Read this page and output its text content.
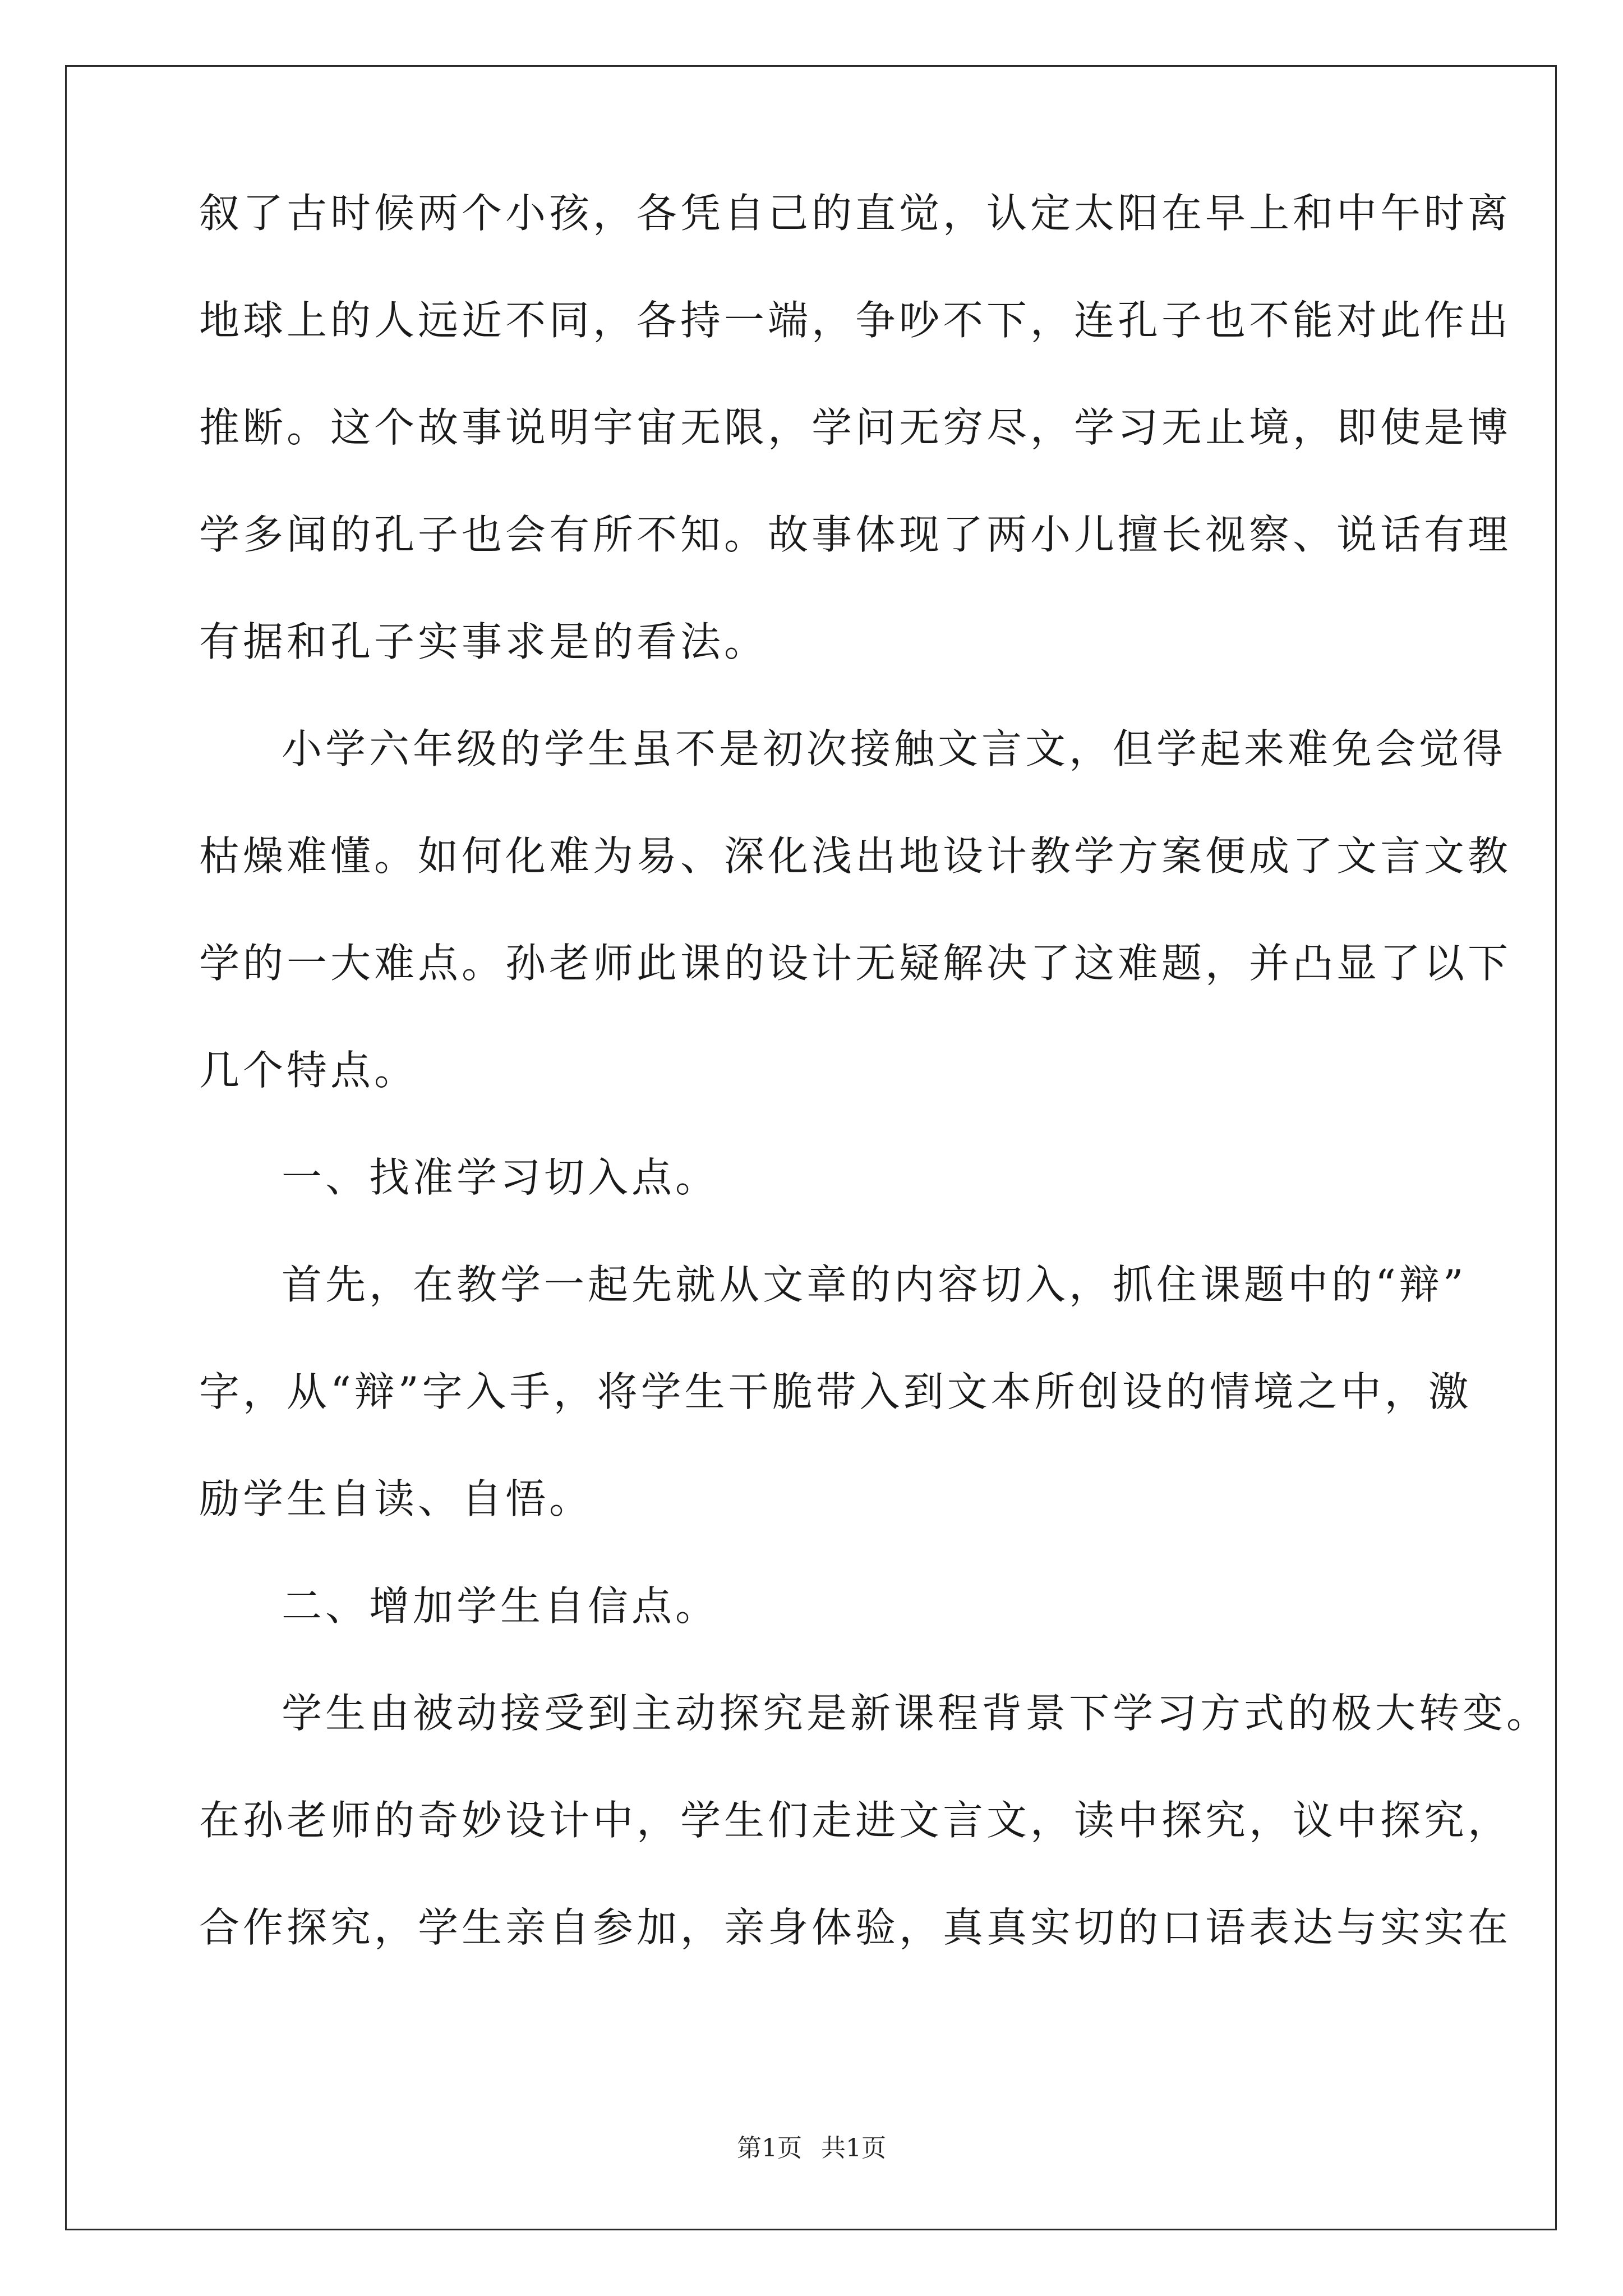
叙了古时候两个小孩，各凭自己的直觉，认定太阳在早上和中午时离
地球上的人远近不同，各持一端，争吵不下，连孔子也不能对此作出
推断。这个故事说明宇宙无限，学问无穷尽，学习无止境，即使是博
学多闻的孔子也会有所不知。故事体现了两小儿擅长视察、说话有理
有据和孔子实事求是的看法。
小学六年级的学生虽不是初次接触文言文，但学起来难免会觉得
枯燥难懂。如何化难为易、深化浅出地设计教学方案便成了文言文教
学的一大难点。孙老师此课的设计无疑解决了这难题，并凸显了以下
几个特点。
一、找准学习切入点。
首先，在教学一起先就从文章的内容切入，抓住课题中的“辩”
字，从“辩”字入手，将学生干脆带入到文本所创设的情境之中，激
励学生自读、自悟。
二、增加学生自信点。
学生由被动接受到主动探究是新课程背景下学习方式的极大转变。
在孙老师的奇妙设计中，学生们走进文言文，读中探究，议中探究，
合作探究，学生亲自参加，亲身体验，真真实切的口语表达与实实在
第1页 共1页
